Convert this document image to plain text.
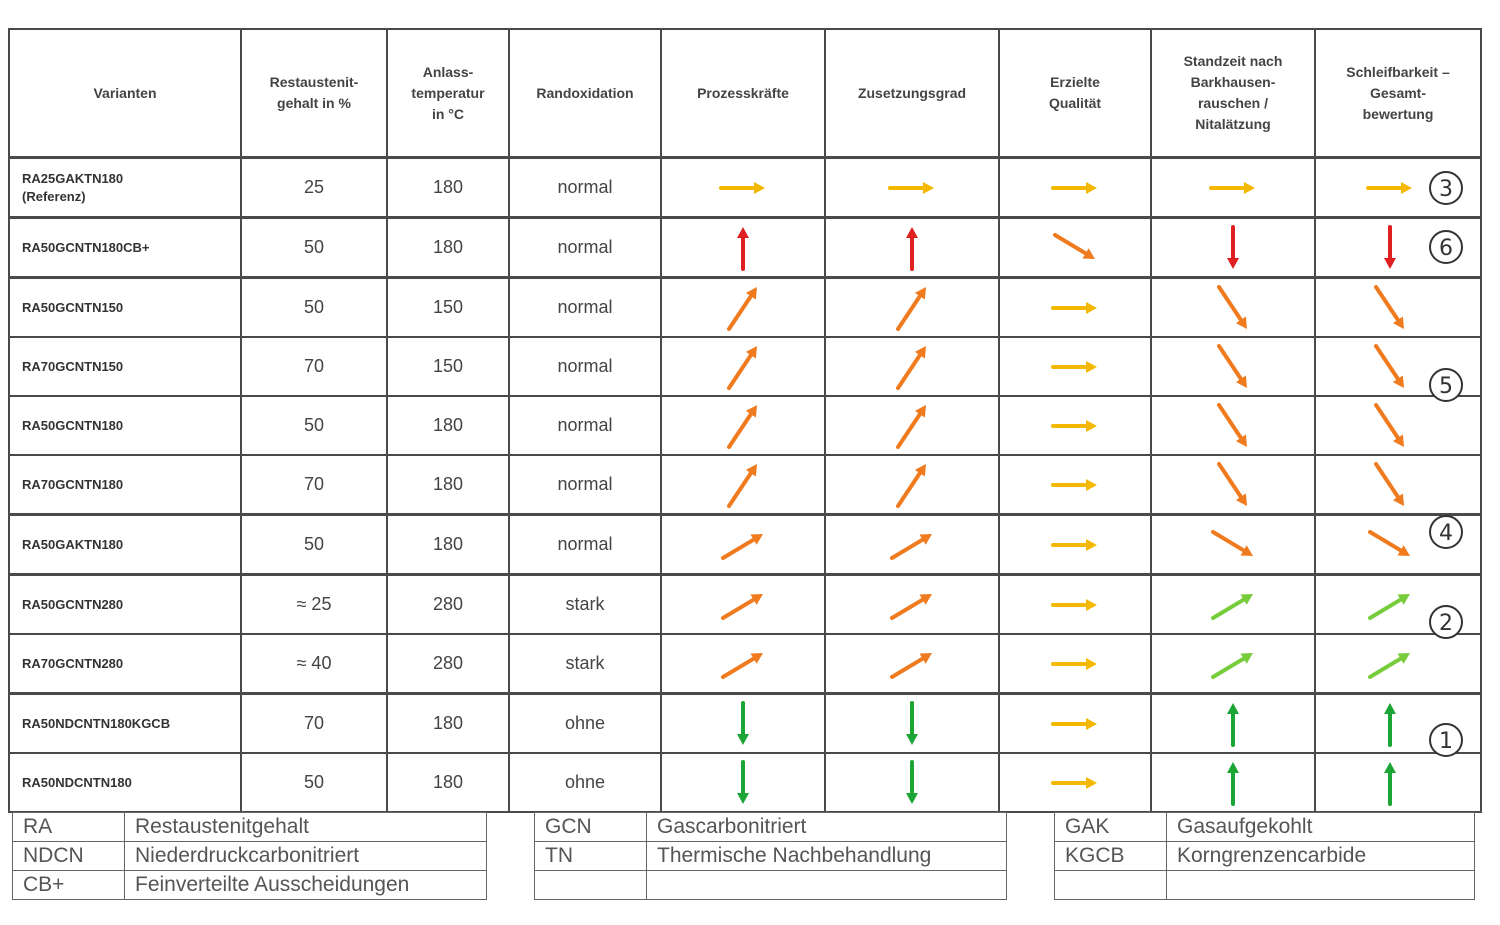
Varianten	Restaustenit-
gehalt in %	Anlass-
temperatur
in °C	Randoxidation	Prozesskräfte	Zusetzungsgrad	Erzielte
Qualität	Standzeit nach
Barkhausen-
rauschen /
Nitalätzung	Schleifbarkeit –
Gesamt-
bewertung
RA25GAKTN180
(Referenz)	25	180	normal	

RA50GCNTN180CB+	50	180	normal	

RA50GCNTN150	50	150	normal	

RA70GCNTN150	70	150	normal	

RA50GCNTN180	50	180	normal	

RA70GCNTN180	70	180	normal	

RA50GAKTN180	50	180	normal	

RA50GCNTN280	≈ 25	280	stark	

RA70GCNTN280	≈ 40	280	stark	

RA50NDCNTN180KGCB	70	180	ohne	

RA50NDCNTN180	50	180	ohne	

3
6
5
4
2
1
RA	Restaustenitgehalt
NDCN	Niederdruckcarbonitriert
CB+	Feinverteilte Ausscheidungen
GCN	Gascarbonitriert
TN	Thermische Nachbehandlung

GAK	Gasaufgekohlt
KGCB	Korngrenzencarbide
